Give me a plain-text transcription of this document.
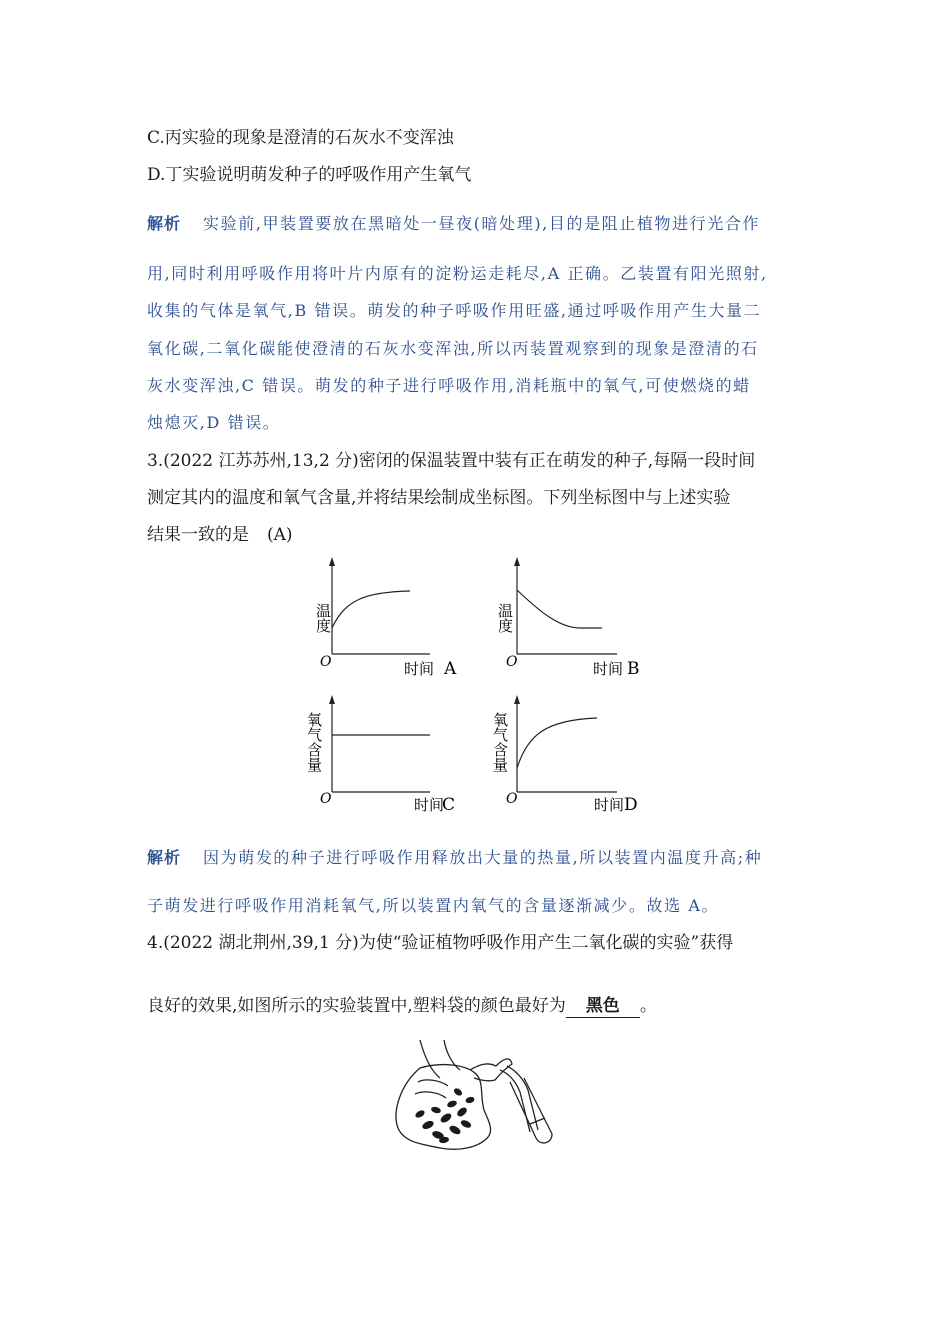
C.丙实验的现象是澄清的石灰水不变浑浊
D.丁实验说明萌发种子的呼吸作用产生氧气
解析 实验前,甲装置要放在黑暗处一昼夜(暗处理),目的是阻止植物进行光合作
用,同时利用呼吸作用将叶片内原有的淀粉运走耗尽,A 正确。乙装置有阳光照射,
收集的气体是氧气,B 错误。萌发的种子呼吸作用旺盛,通过呼吸作用产生大量二
氧化碳,二氧化碳能使澄清的石灰水变浑浊,所以丙装置观察到的现象是澄清的石
灰水变浑浊,C 错误。萌发的种子进行呼吸作用,消耗瓶中的氧气,可使燃烧的蜡
烛熄灭,D 错误。
3.(2022 江苏苏州,13,2 分)密闭的保温装置中装有正在萌发的种子,每隔一段时间
测定其内的温度和氧气含量,并将结果绘制成坐标图。下列坐标图中与上述实验
结果一致的是 (A)
温度
O	时间 A
温度
O	时间 B
氧气含量
O	时间
C
氧气含量
O	时间 D
解析 因为萌发的种子进行呼吸作用释放出大量的热量,所以装置内温度升高;种
子萌发进行呼吸作用消耗氧气,所以装置内氧气的含量逐渐减少。故选 A。
4.(2022 湖北荆州,39,1 分)为使“验证植物呼吸作用产生二氧化碳的实验”获得
良好的效果,如图所示的实验装置中,塑料袋的颜色最好为 黑色 。
